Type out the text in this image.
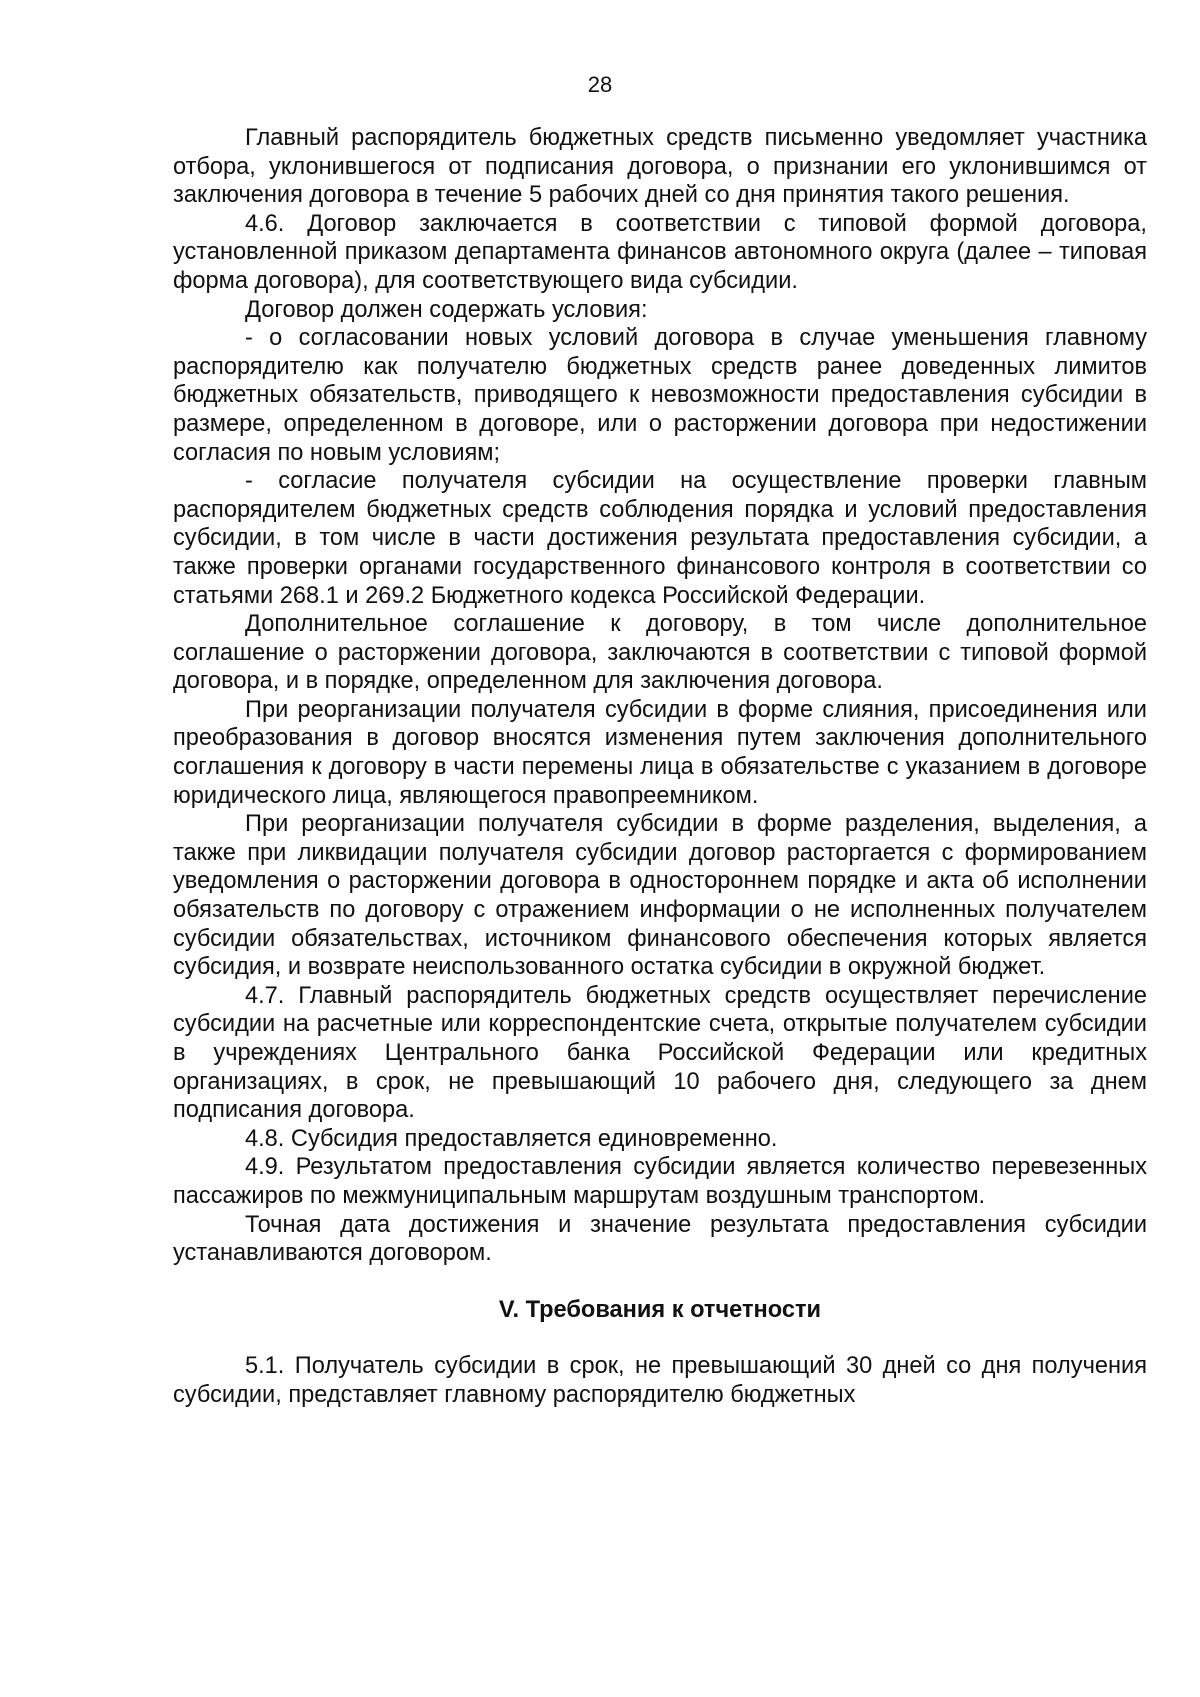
28

Главный распорядитель бюджетных средств письменно уведомляет участника отбора, уклонившегося от подписания договора, о признании его уклонившимся от заключения договора в течение 5 рабочих дней со дня принятия такого решения.

4.6. Договор заключается в соответствии с типовой формой договора, установленной приказом департамента финансов автономного округа (далее – типовая форма договора), для соответствующего вида субсидии.

Договор должен содержать условия:

- о согласовании новых условий договора в случае уменьшения главному распорядителю как получателю бюджетных средств ранее доведенных лимитов бюджетных обязательств, приводящего к невозможности предоставления субсидии в размере, определенном в договоре, или о расторжении договора при недостижении согласия по новым условиям;

- согласие получателя субсидии на осуществление проверки главным распорядителем бюджетных средств соблюдения порядка и условий предоставления субсидии, в том числе в части достижения результата предоставления субсидии, а также проверки органами государственного финансового контроля в соответствии со статьями 268.1 и 269.2 Бюджетного кодекса Российской Федерации.

Дополнительное соглашение к договору, в том числе дополнительное соглашение о расторжении договора, заключаются в соответствии с типовой формой договора, и в порядке, определенном для заключения договора.

При реорганизации получателя субсидии в форме слияния, присоединения или преобразования в договор вносятся изменения путем заключения дополнительного соглашения к договору в части перемены лица в обязательстве с указанием в договоре юридического лица, являющегося правопреемником.

При реорганизации получателя субсидии в форме разделения, выделения, а также при ликвидации получателя субсидии договор расторгается с формированием уведомления о расторжении договора в одностороннем порядке и акта об исполнении обязательств по договору с отражением информации о не исполненных получателем субсидии обязательствах, источником финансового обеспечения которых является субсидия, и возврате неиспользованного остатка субсидии в окружной бюджет.

4.7. Главный распорядитель бюджетных средств осуществляет перечисление субсидии на расчетные или корреспондентские счета, открытые получателем субсидии в учреждениях Центрального банка Российской Федерации или кредитных организациях, в срок, не превышающий 10 рабочего дня, следующего за днем подписания договора.

4.8. Субсидия предоставляется единовременно.

4.9. Результатом предоставления субсидии является количество перевезенных пассажиров по межмуниципальным маршрутам воздушным транспортом.

Точная дата достижения и значение результата предоставления субсидии устанавливаются договором.

V. Требования к отчетности

5.1. Получатель субсидии в срок, не превышающий 30 дней со дня получения субсидии, представляет главному распорядителю бюджетных
